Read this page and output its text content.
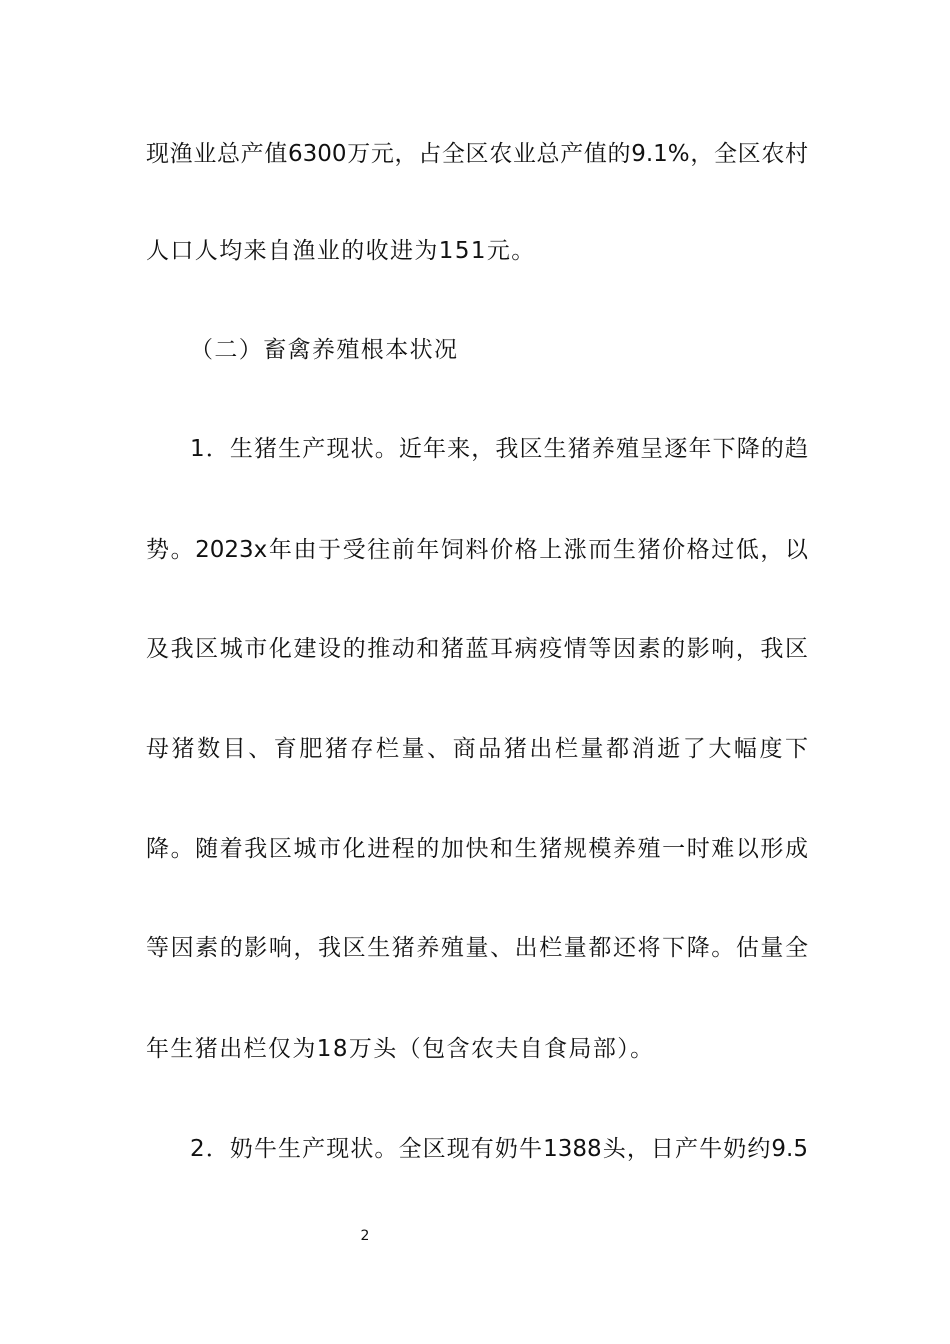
现渔业总产值6300万元，占全区农业总产值的9.1%，全区农村
人口人均来自渔业的收进为151元。
（二）畜禽养殖根本状况
1．生猪生产现状。近年来，我区生猪养殖呈逐年下降的趋
势。2023x年由于受往前年饲料价格上涨而生猪价格过低，以
及我区城市化建设的推动和猪蓝耳病疫情等因素的影响，我区
母猪数目、育肥猪存栏量、商品猪出栏量都消逝了大幅度下
降。随着我区城市化进程的加快和生猪规模养殖一时难以形成
等因素的影响，我区生猪养殖量、出栏量都还将下降。估量全
年生猪出栏仅为18万头（包含农夫自食局部）。
2．奶牛生产现状。全区现有奶牛1388头，日产牛奶约9.5
2
